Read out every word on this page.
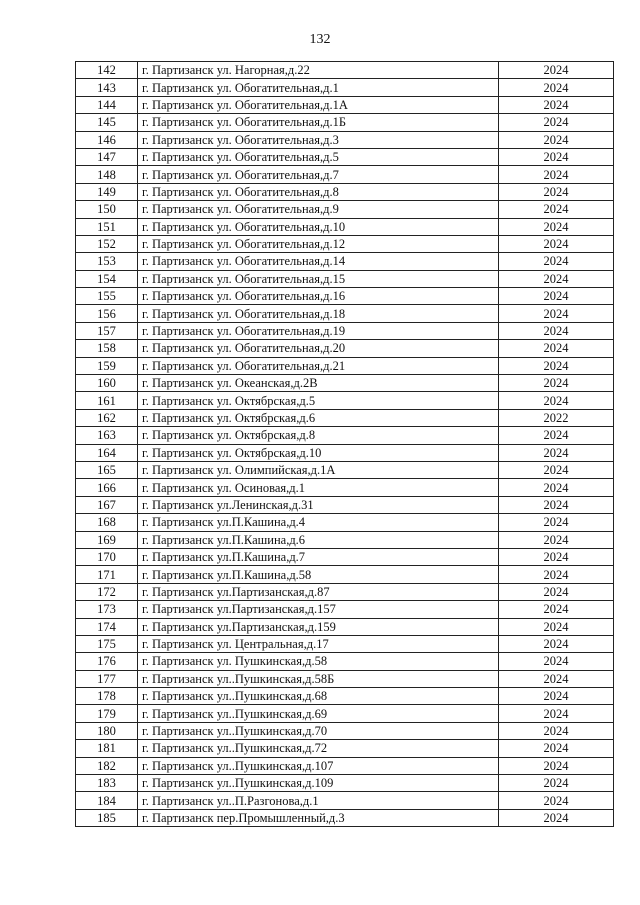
132
142	г. Партизанск ул. Нагорная,д.22	2024
143	г. Партизанск ул. Обогатительная,д.1	2024
144	г. Партизанск ул. Обогатительная,д.1А	2024
145	г. Партизанск ул. Обогатительная,д.1Б	2024
146	г. Партизанск ул. Обогатительная,д.3	2024
147	г. Партизанск ул. Обогатительная,д.5	2024
148	г. Партизанск ул. Обогатительная,д.7	2024
149	г. Партизанск ул. Обогатительная,д.8	2024
150	г. Партизанск ул. Обогатительная,д.9	2024
151	г. Партизанск ул. Обогатительная,д.10	2024
152	г. Партизанск ул. Обогатительная,д.12	2024
153	г. Партизанск ул. Обогатительная,д.14	2024
154	г. Партизанск ул. Обогатительная,д.15	2024
155	г. Партизанск ул. Обогатительная,д.16	2024
156	г. Партизанск ул. Обогатительная,д.18	2024
157	г. Партизанск ул. Обогатительная,д.19	2024
158	г. Партизанск ул. Обогатительная,д.20	2024
159	г. Партизанск ул. Обогатительная,д.21	2024
160	г. Партизанск ул. Океанская,д.2В	2024
161	г. Партизанск ул. Октябрская,д.5	2024
162	г. Партизанск ул. Октябрская,д.6	2022
163	г. Партизанск ул. Октябрская,д.8	2024
164	г. Партизанск ул. Октябрская,д.10	2024
165	г. Партизанск ул. Олимпийская,д.1А	2024
166	г. Партизанск ул. Осиновая,д.1	2024
167	г. Партизанск ул.Ленинская,д.31	2024
168	г. Партизанск ул.П.Кашина,д.4	2024
169	г. Партизанск ул.П.Кашина,д.6	2024
170	г. Партизанск ул.П.Кашина,д.7	2024
171	г. Партизанск ул.П.Кашина,д.58	2024
172	г. Партизанск ул.Партизанская,д.87	2024
173	г. Партизанск ул.Партизанская,д.157	2024
174	г. Партизанск ул.Партизанская,д.159	2024
175	г. Партизанск ул. Центральная,д.17	2024
176	г. Партизанск ул. Пушкинская,д.58	2024
177	г. Партизанск ул..Пушкинская,д.58Б	2024
178	г. Партизанск ул..Пушкинская,д.68	2024
179	г. Партизанск ул..Пушкинская,д.69	2024
180	г. Партизанск ул..Пушкинская,д.70	2024
181	г. Партизанск ул..Пушкинская,д.72	2024
182	г. Партизанск ул..Пушкинская,д.107	2024
183	г. Партизанск ул..Пушкинская,д.109	2024
184	г. Партизанск ул..П.Разгонова,д.1	2024
185	г. Партизанск пер.Промышленный,д.3	2024
